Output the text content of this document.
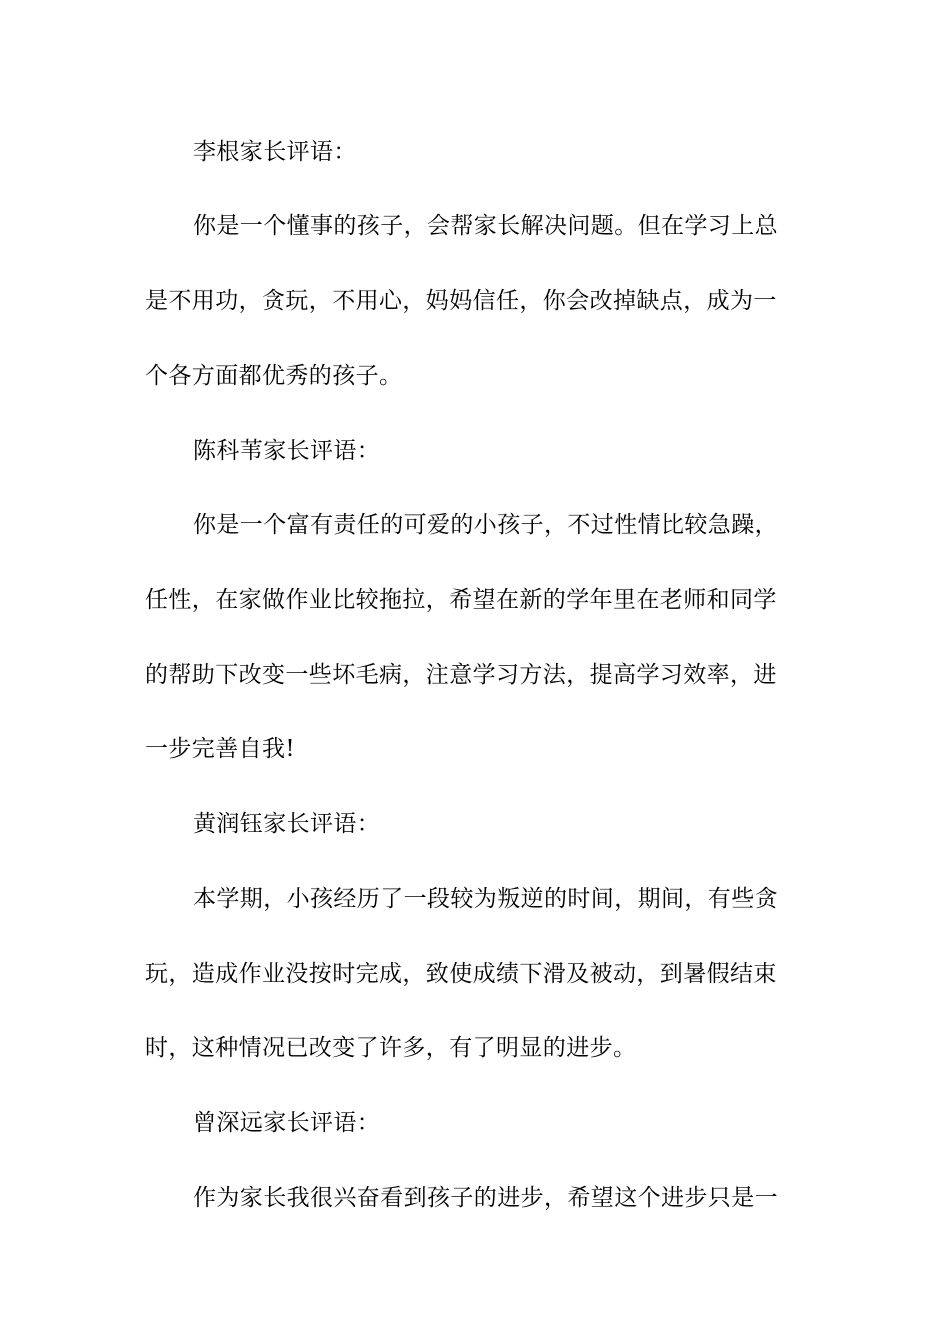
李根家长评语：
你是一个懂事的孩子，会帮家长解决问题。但在学习上总
是不用功，贪玩，不用心，妈妈信任，你会改掉缺点，成为一
个各方面都优秀的孩子。
陈科苇家长评语：
你是一个富有责任的可爱的小孩子，不过性情比较急躁，
任性，在家做作业比较拖拉，希望在新的学年里在老师和同学
的帮助下改变一些坏毛病，注意学习方法，提高学习效率，进
一步完善自我!
黄润钰家长评语：
本学期，小孩经历了一段较为叛逆的时间，期间，有些贪
玩，造成作业没按时完成，致使成绩下滑及被动，到暑假结束
时，这种情况已改变了许多，有了明显的进步。
曾深远家长评语：
作为家长我很兴奋看到孩子的进步，希望这个进步只是一
